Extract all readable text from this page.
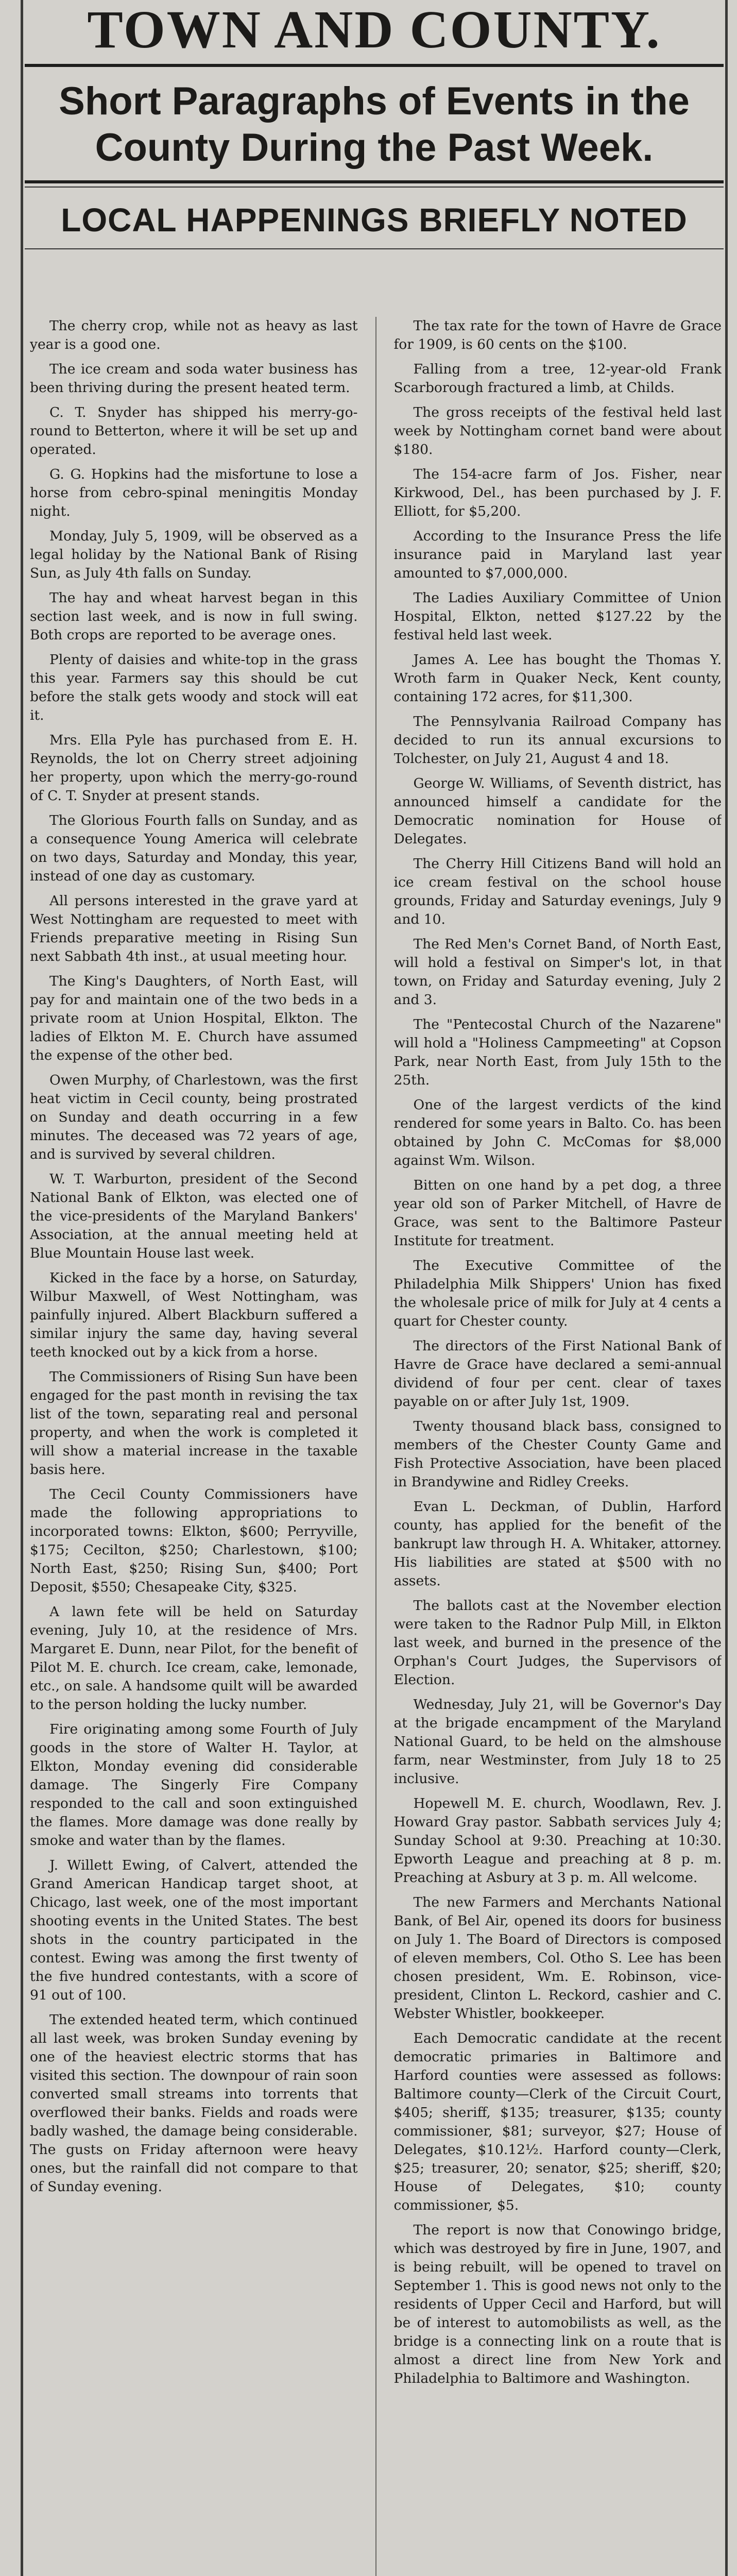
TOWN AND COUNTY.
Short Paragraphs of Events in the County During the Past Week.
LOCAL HAPPENINGS BRIEFLY NOTED

The cherry crop, while not as heavy as last year is a good one.

The ice cream and soda water business has been thriving during the present heated term.

C. T. Snyder has shipped his merry-go-round to Betterton, where it will be set up and operated.

G. G. Hopkins had the misfortune to lose a horse from cebro-spinal meningitis Monday night.

Monday, July 5, 1909, will be observed as a legal holiday by the National Bank of Rising Sun, as July 4th falls on Sunday.

The hay and wheat harvest began in this section last week, and is now in full swing. Both crops are reported to be average ones.

Plenty of daisies and white-top in the grass this year. Farmers say this should be cut before the stalk gets woody and stock will eat it.

Mrs. Ella Pyle has purchased from E. H. Reynolds, the lot on Cherry street adjoining her property, upon which the merry-go-round of C. T. Snyder at present stands.

The Glorious Fourth falls on Sunday, and as a consequence Young America will celebrate on two days, Saturday and Monday, this year, instead of one day as customary.

All persons interested in the grave yard at West Nottingham are requested to meet with Friends preparative meeting in Rising Sun next Sabbath 4th inst., at usual meeting hour.

The King's Daughters, of North East, will pay for and maintain one of the two beds in a private room at Union Hospital, Elkton. The ladies of Elkton M. E. Church have assumed the expense of the other bed.

Owen Murphy, of Charlestown, was the first heat victim in Cecil county, being prostrated on Sunday and death occurring in a few minutes. The deceased was 72 years of age, and is survived by several children.

W. T. Warburton, president of the Second National Bank of Elkton, was elected one of the vice-presidents of the Maryland Bankers' Association, at the annual meeting held at Blue Mountain House last week.

Kicked in the face by a horse, on Saturday, Wilbur Maxwell, of West Nottingham, was painfully injured. Albert Blackburn suffered a similar injury the same day, having several teeth knocked out by a kick from a horse.

The Commissioners of Rising Sun have been engaged for the past month in revising the tax list of the town, separating real and personal property, and when the work is completed it will show a material increase in the taxable basis here.

The Cecil County Commissioners have made the following appropriations to incorporated towns: Elkton, $600; Perryville, $175; Cecilton, $250; Charlestown, $100; North East, $250; Rising Sun, $400; Port Deposit, $550; Chesapeake City, $325.

A lawn fete will be held on Saturday evening, July 10, at the residence of Mrs. Margaret E. Dunn, near Pilot, for the benefit of Pilot M. E. church. Ice cream, cake, lemonade, etc., on sale. A handsome quilt will be awarded to the person holding the lucky number.

Fire originating among some Fourth of July goods in the store of Walter H. Taylor, at Elkton, Monday evening did considerable damage. The Singerly Fire Company responded to the call and soon extinguished the flames. More damage was done really by smoke and water than by the flames.

J. Willett Ewing, of Calvert, attended the Grand American Handicap target shoot, at Chicago, last week, one of the most important shooting events in the United States. The best shots in the country participated in the contest. Ewing was among the first twenty of the five hundred contestants, with a score of 91 out of 100.

The extended heated term, which continued all last week, was broken Sunday evening by one of the heaviest electric storms that has visited this section. The downpour of rain soon converted small streams into torrents that overflowed their banks. Fields and roads were badly washed, the damage being considerable. The gusts on Friday afternoon were heavy ones, but the rainfall did not compare to that of Sunday evening.

The tax rate for the town of Havre de Grace for 1909, is 60 cents on the $100.

Falling from a tree, 12-year-old Frank Scarborough fractured a limb, at Childs.

The gross receipts of the festival held last week by Nottingham cornet band were about $180.

The 154-acre farm of Jos. Fisher, near Kirkwood, Del., has been purchased by J. F. Elliott, for $5,200.

According to the Insurance Press the life insurance paid in Maryland last year amounted to $7,000,000.

The Ladies Auxiliary Committee of Union Hospital, Elkton, netted $127.22 by the festival held last week.

James A. Lee has bought the Thomas Y. Wroth farm in Quaker Neck, Kent county, containing 172 acres, for $11,300.

The Pennsylvania Railroad Company has decided to run its annual excursions to Tolchester, on July 21, August 4 and 18.

George W. Williams, of Seventh district, has announced himself a candidate for the Democratic nomination for House of Delegates.

The Cherry Hill Citizens Band will hold an ice cream festival on the school house grounds, Friday and Saturday evenings, July 9 and 10.

The Red Men's Cornet Band, of North East, will hold a festival on Simper's lot, in that town, on Friday and Saturday evening, July 2 and 3.

The "Pentecostal Church of the Nazarene" will hold a "Holiness Campmeeting" at Copson Park, near North East, from July 15th to the 25th.

One of the largest verdicts of the kind rendered for some years in Balto. Co. has been obtained by John C. McComas for $8,000 against Wm. Wilson.

Bitten on one hand by a pet dog, a three year old son of Parker Mitchell, of Havre de Grace, was sent to the Baltimore Pasteur Institute for treatment.

The Executive Committee of the Philadelphia Milk Shippers' Union has fixed the wholesale price of milk for July at 4 cents a quart for Chester county.

The directors of the First National Bank of Havre de Grace have declared a semi-annual dividend of four per cent. clear of taxes payable on or after July 1st, 1909.

Twenty thousand black bass, consigned to members of the Chester County Game and Fish Protective Association, have been placed in Brandywine and Ridley Creeks.

Evan L. Deckman, of Dublin, Harford county, has applied for the benefit of the bankrupt law through H. A. Whitaker, attorney. His liabilities are stated at $500 with no assets.

The ballots cast at the November election were taken to the Radnor Pulp Mill, in Elkton last week, and burned in the presence of the Orphan's Court Judges, the Supervisors of Election.

Wednesday, July 21, will be Governor's Day at the brigade encampment of the Maryland National Guard, to be held on the almshouse farm, near Westminster, from July 18 to 25 inclusive.

Hopewell M. E. church, Woodlawn, Rev. J. Howard Gray pastor. Sabbath services July 4; Sunday School at 9:30. Preaching at 10:30. Epworth League and preaching at 8 p. m. Preaching at Asbury at 3 p. m. All welcome.

The new Farmers and Merchants National Bank, of Bel Air, opened its doors for business on July 1. The Board of Directors is composed of eleven members, Col. Otho S. Lee has been chosen president, Wm. E. Robinson, vice-president, Clinton L. Reckord, cashier and C. Webster Whistler, bookkeeper.

Each Democratic candidate at the recent democratic primaries in Baltimore and Harford counties were assessed as follows: Baltimore county—Clerk of the Circuit Court, $405; sheriff, $135; treasurer, $135; county commissioner, $81; surveyor, $27; House of Delegates, $10.12½. Harford county—Clerk, $25; treasurer, 20; senator, $25; sheriff, $20; House of Delegates, $10; county commissioner, $5.

The report is now that Conowingo bridge, which was destroyed by fire in June, 1907, and is being rebuilt, will be opened to travel on September 1. This is good news not only to the residents of Upper Cecil and Harford, but will be of interest to automobilists as well, as the bridge is a connecting link on a route that is almost a direct line from New York and Philadelphia to Baltimore and Washington.
